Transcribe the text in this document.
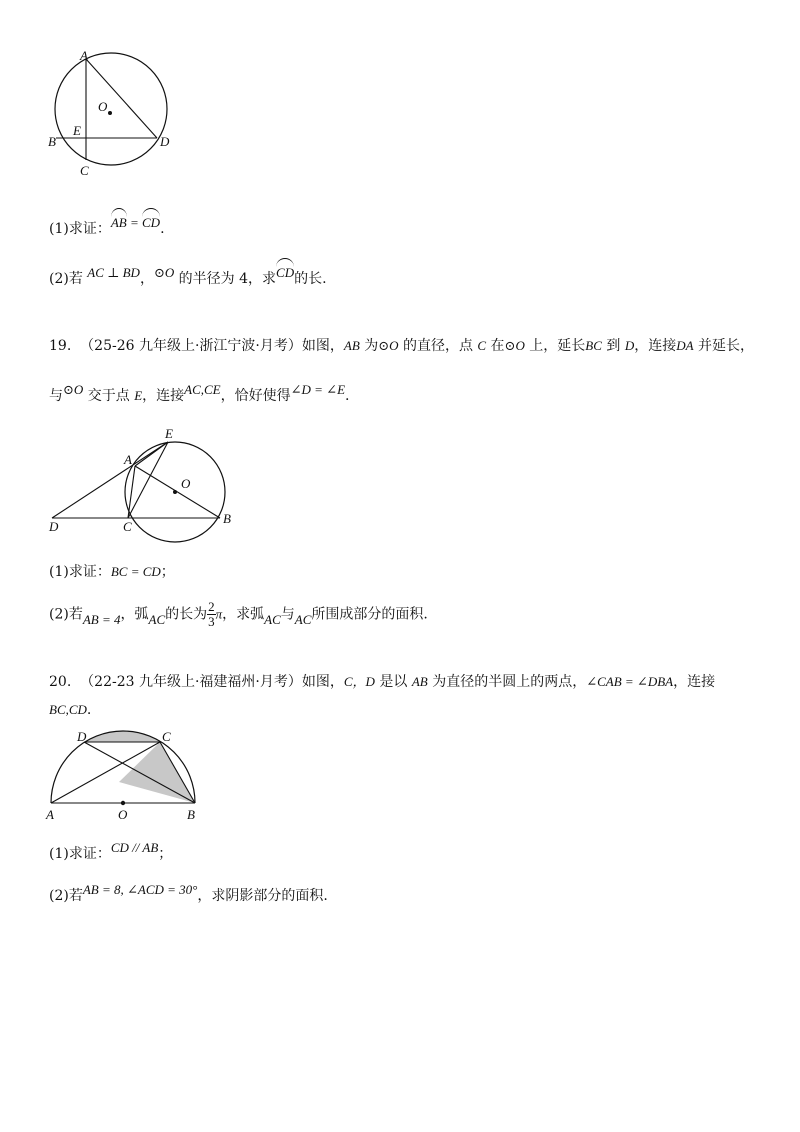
A
O
E
B	D
C
(1)求证：AB = CD.
(2)若 AC ⊥ BD，⊙O 的半径为 4，求CD的长.
19. （25-26 九年级上·浙江宁波·月考）如图，AB 为⊙O 的直径，点 C 在⊙O 上，延长BC 到 D，连接DA 并延长，
与⊙O 交于点 E，连接AC,CE，恰好使得∠D = ∠E.
E
A
O
D	C
B
(1)求证：BC = CD；
(2)若AB = 4，弧AC的长为 $\frac{2}{3}$ π，求弧AC与AC所围成部分的面积.
20. （22-23 九年级上·福建福州·月考）如图，C，D 是以 AB 为直径的半圆上的两点，∠CAB = ∠DBA，连接
BC,CD.
D	C
A	O	B
(1)求证：CD // AB；
(2)若AB = 8, ∠ACD = 30°，求阴影部分的面积.
